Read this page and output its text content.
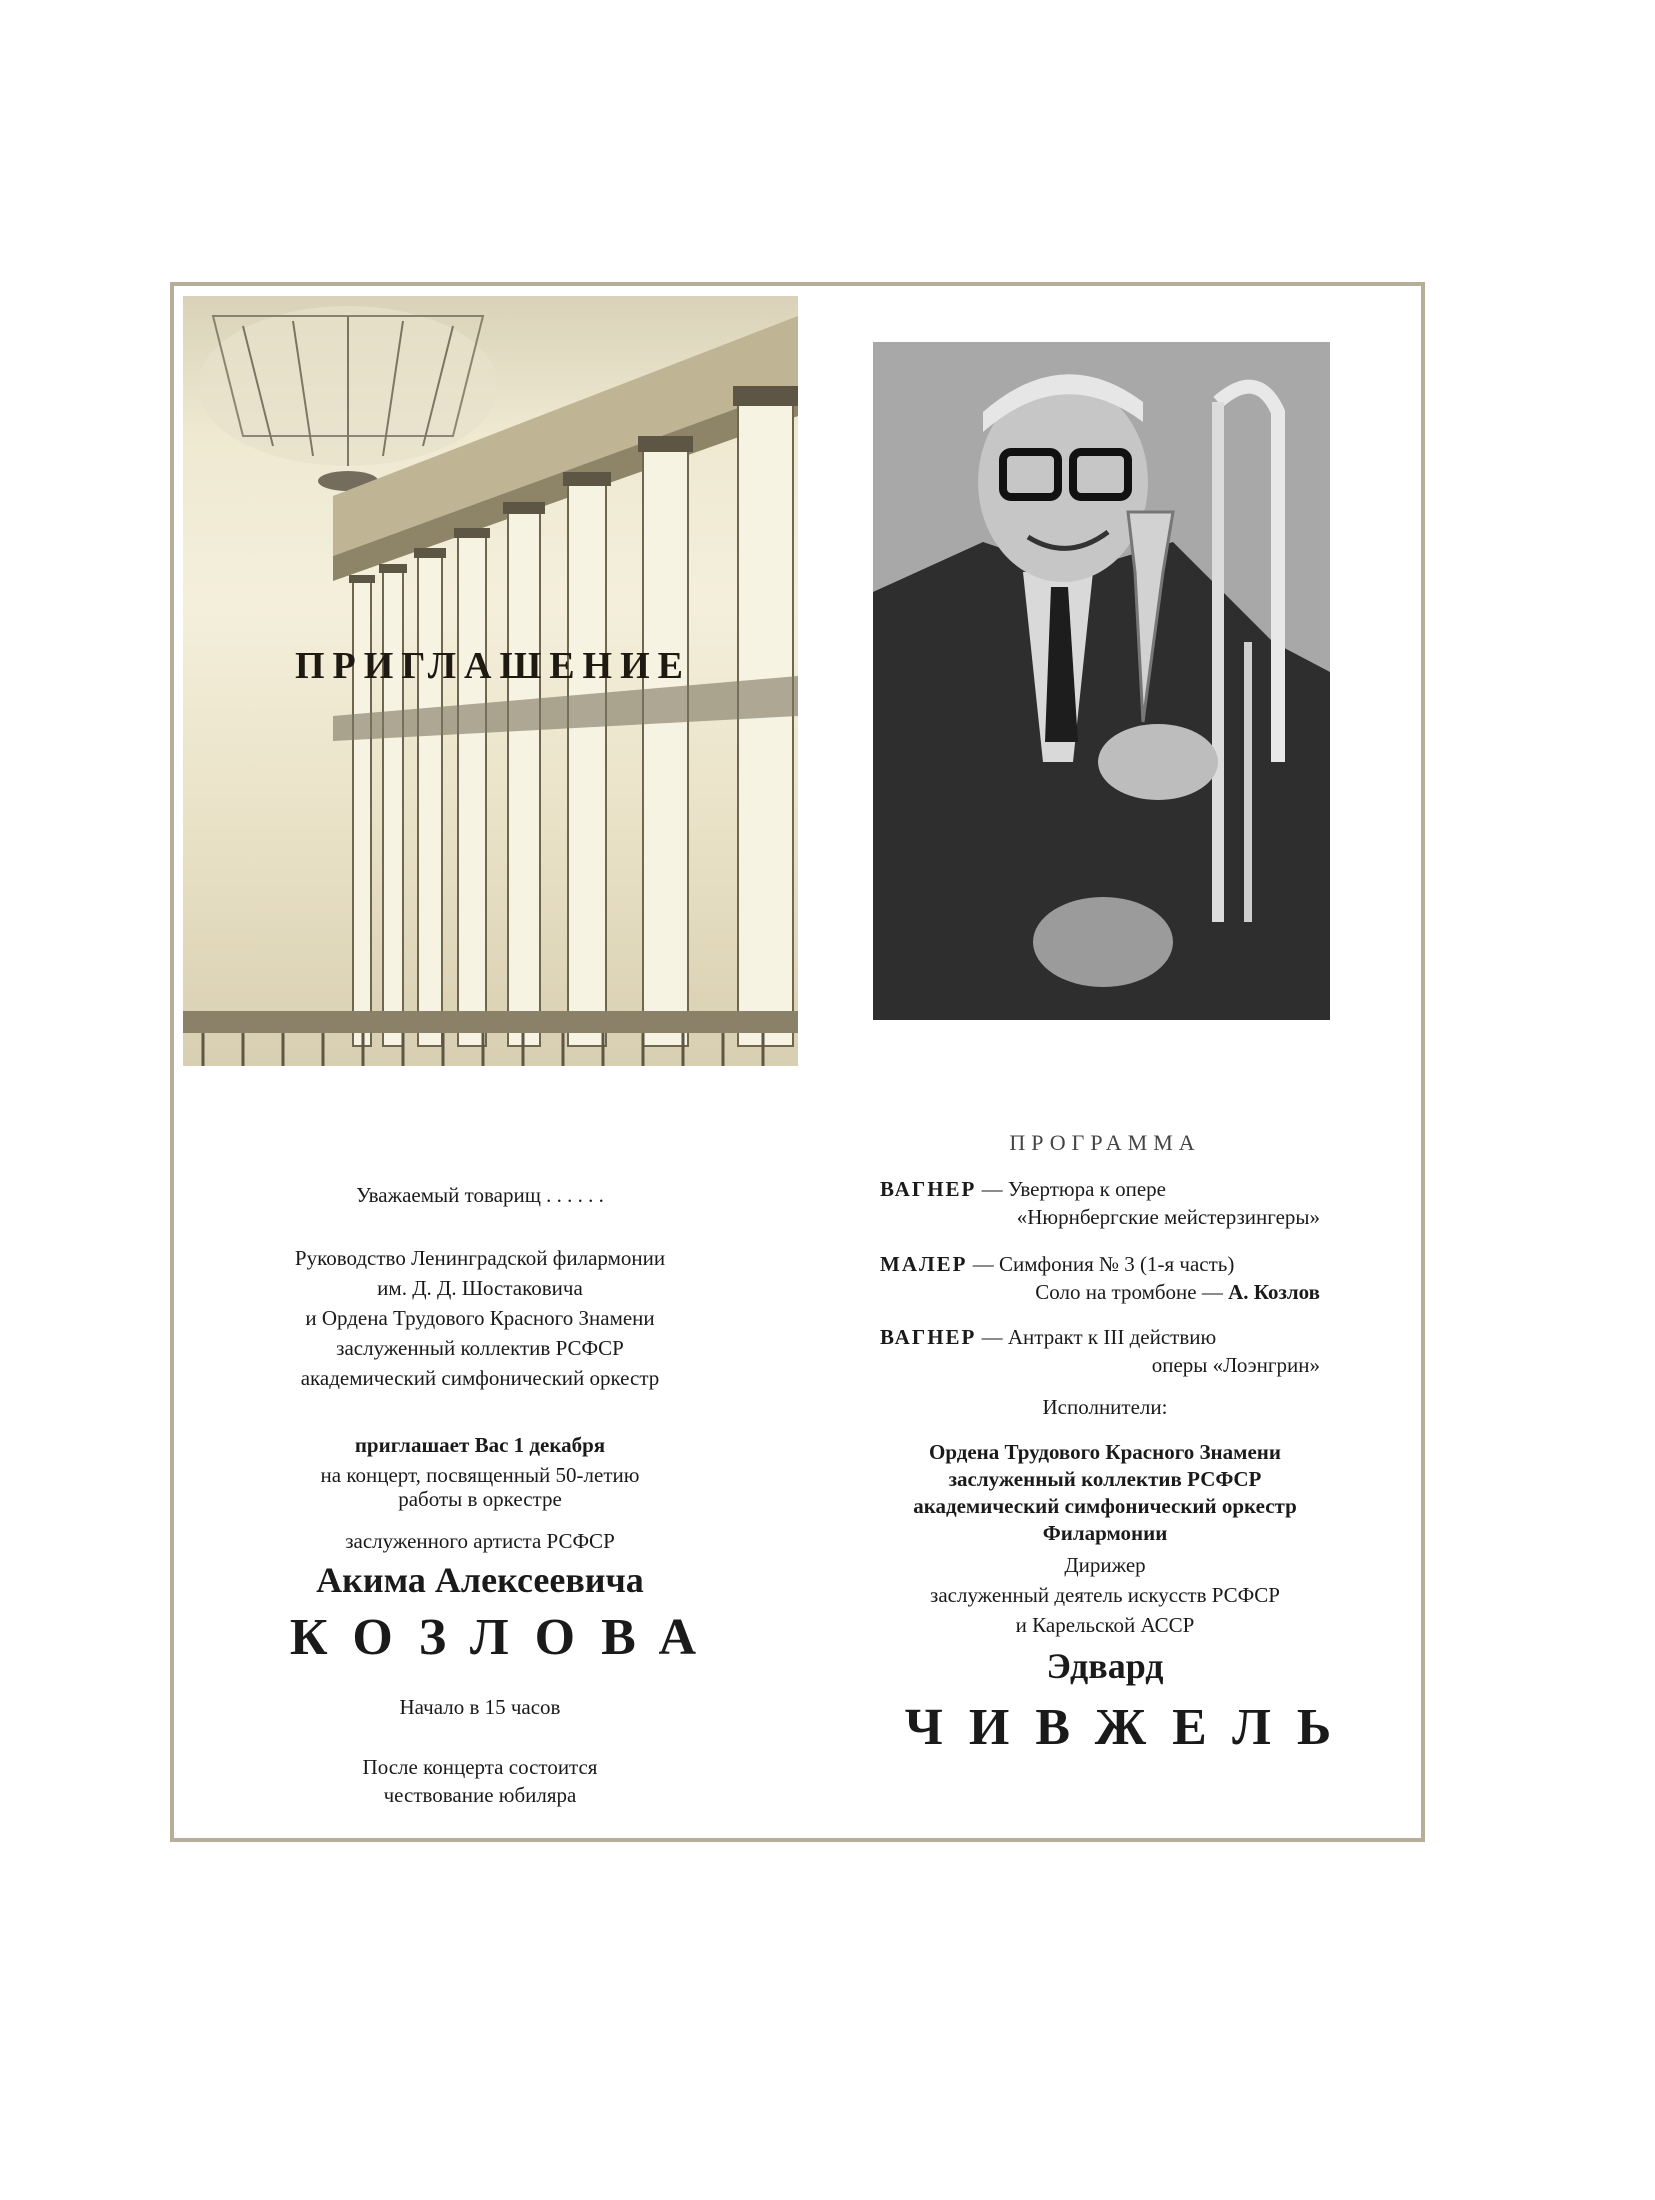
ПРИГЛАШЕНИЕ
Уважаемый товарищ . . . . . .
Руководство Ленинградской филармонии
им. Д. Д. Шостаковича
и Ордена Трудового Красного Знамени
заслуженный коллектив РСФСР
академический симфонический оркестр
приглашает Вас 1 декабря
на концерт, посвященный 50-летию
работы в оркестре
заслуженного артиста РСФСР
Акима Алексеевича
КОЗЛОВА
Начало в 15 часов
После концерта состоится
чествование юбиляра
ПРОГРАММА
ВАГНЕР — Увертюра к опере
«Нюрнбергские мейстерзингеры»
МАЛЕР — Симфония № 3 (1-я часть)
Соло на тромбоне — А. Козлов
ВАГНЕР — Антракт к III действию
оперы «Лоэнгрин»
Исполнители:
Ордена Трудового Красного Знамени
заслуженный коллектив РСФСР
академический симфонический оркестр
Филармонии
Дирижер
заслуженный деятель искусств РСФСР
и Карельской АССР
Эдвард
ЧИВЖЕЛЬ
